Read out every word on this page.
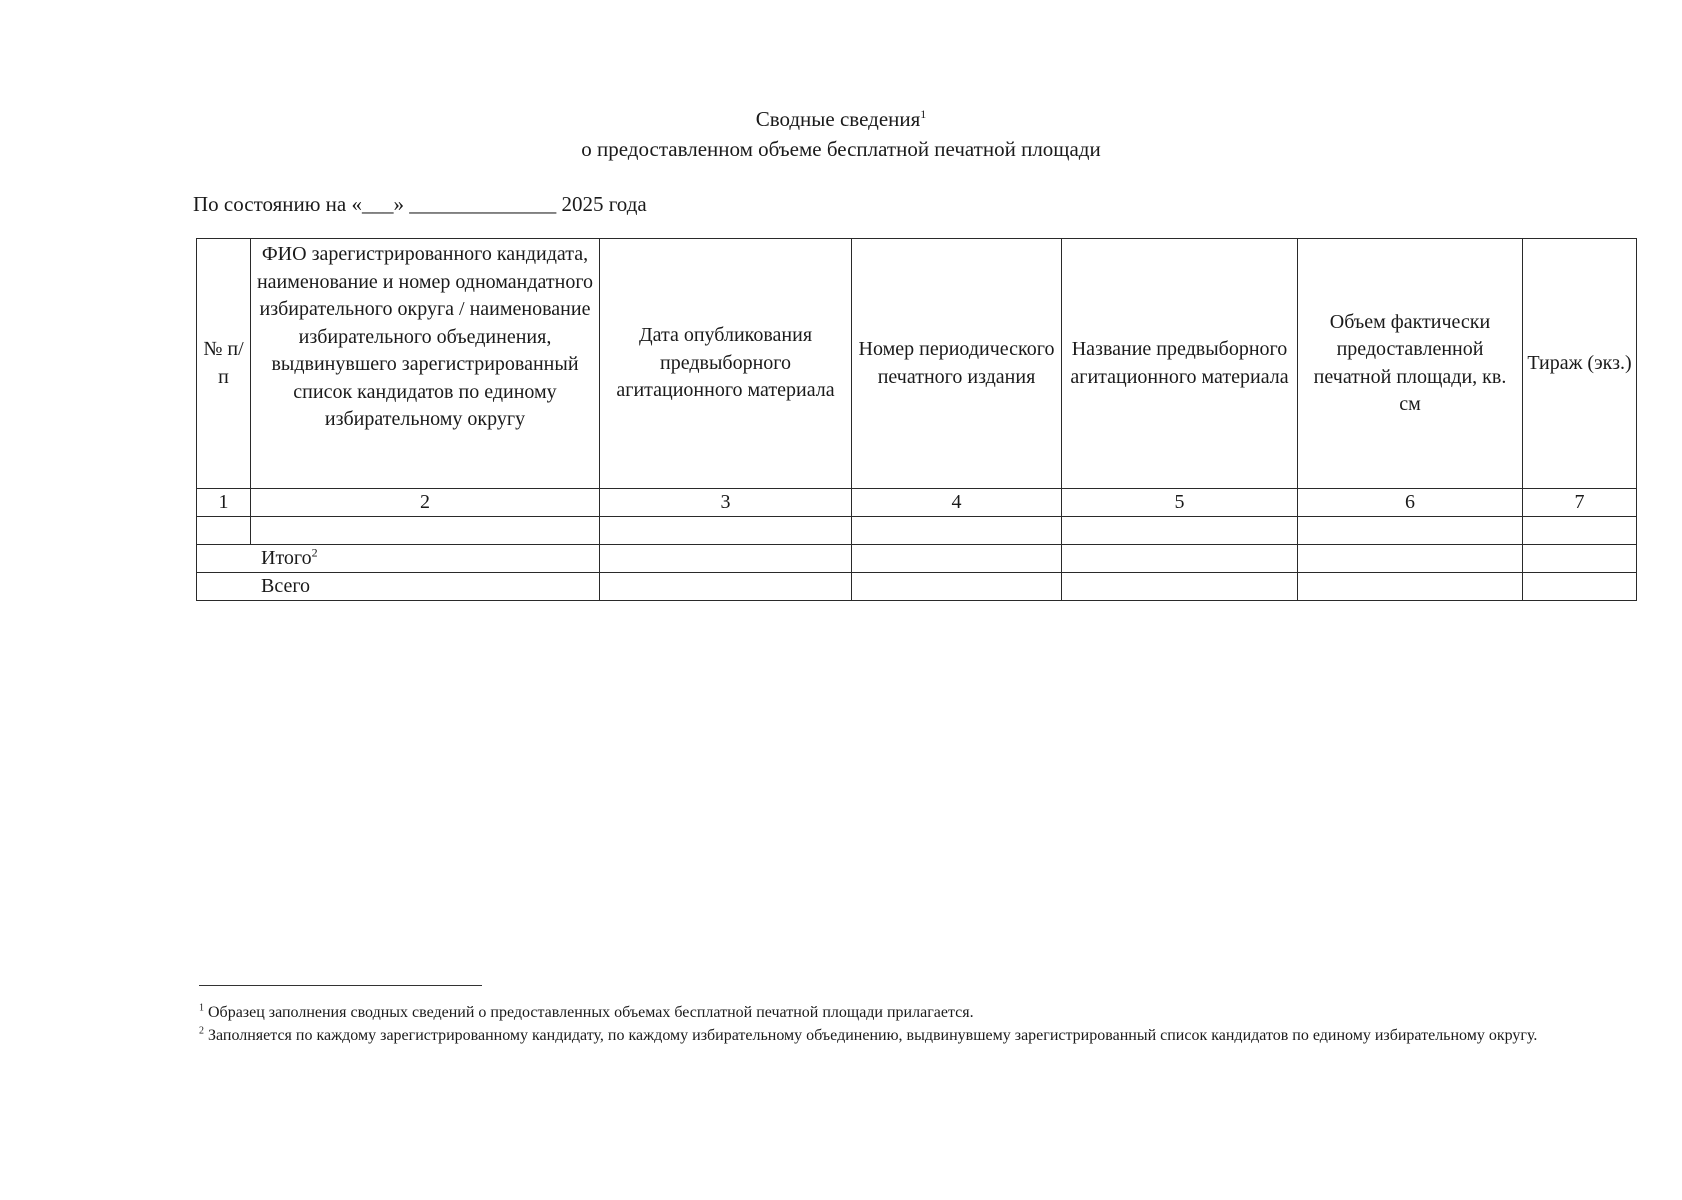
Сводные сведения$^1$
о предоставленном объеме бесплатной печатной площади
По состоянию на «___» ______________ 2025 года
№ п/п	ФИО зарегистрированного кандидата, наименование и номер одномандатного избирательного округа / наименование избирательного объединения, выдвинувшего зарегистрированный список кандидатов по единому избирательному округу	Дата опубликования предвыборного агитационного материала	Номер периодического печатного издания	Название предвыборного агитационного материала	Объем фактически предоставленной печатной площади, кв. см	Тираж (экз.)
1	2	3	4	5	6	7

Итого$^2$					
Всего						

$^1$ Образец заполнения сводных сведений о предоставленных объемах бесплатной печатной площади прилагается.

$^2$ Заполняется по каждому зарегистрированному кандидату, по каждому избирательному объединению, выдвинувшему зарегистрированный список кандидатов по единому избирательному округу.
